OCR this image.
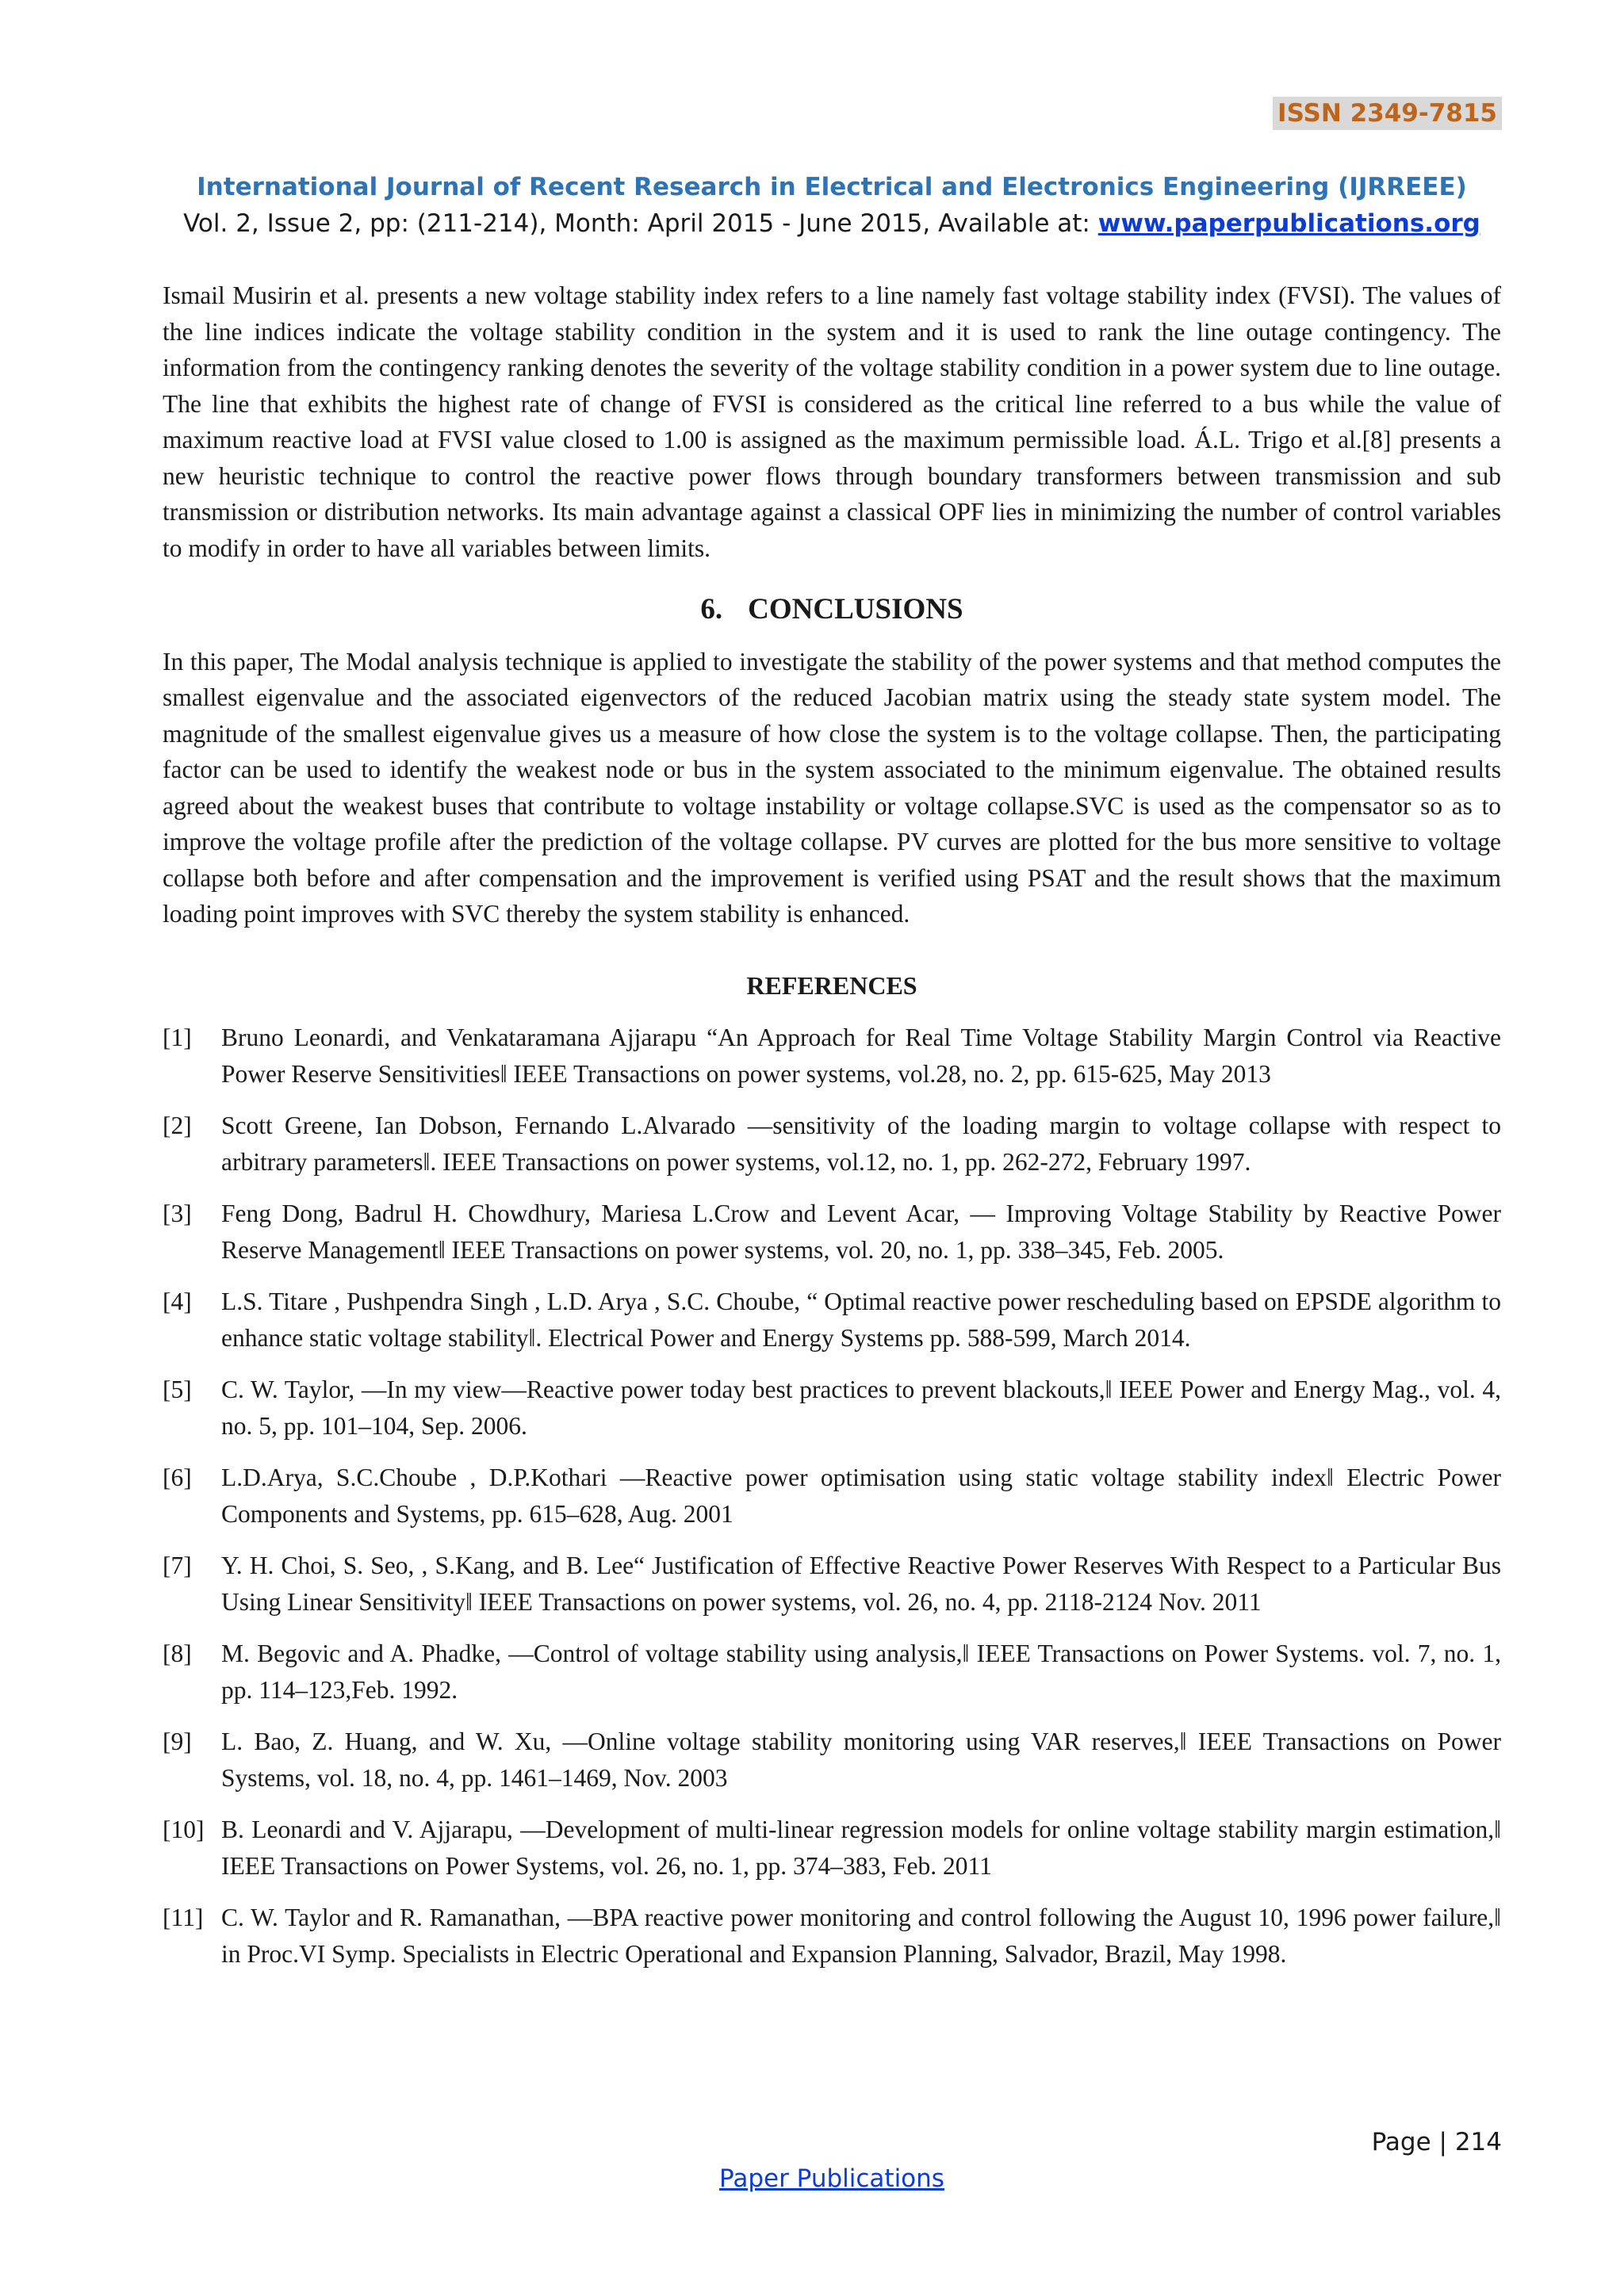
ISSN 2349-7815
International Journal of Recent Research in Electrical and Electronics Engineering (IJRREEE)
Vol. 2, Issue 2, pp: (211-214), Month: April 2015 - June 2015, Available at: www.paperpublications.org

Ismail Musirin et al. presents a new voltage stability index refers to a line namely fast voltage stability index (FVSI). The values of the line indices indicate the voltage stability condition in the system and it is used to rank the line outage contingency. The information from the contingency ranking denotes the severity of the voltage stability condition in a power system due to line outage. The line that exhibits the highest rate of change of FVSI is considered as the critical line referred to a bus while the value of maximum reactive load at FVSI value closed to 1.00 is assigned as the maximum permissible load. Á.L. Trigo et al.[8] presents a new heuristic technique to control the reactive power flows through boundary transformers between transmission and sub transmission or distribution networks. Its main advantage against a classical OPF lies in minimizing the number of control variables to modify in order to have all variables between limits.

6. CONCLUSIONS

In this paper, The Modal analysis technique is applied to investigate the stability of the power systems and that method computes the smallest eigenvalue and the associated eigenvectors of the reduced Jacobian matrix using the steady state system model. The magnitude of the smallest eigenvalue gives us a measure of how close the system is to the voltage collapse. Then, the participating factor can be used to identify the weakest node or bus in the system associated to the minimum eigenvalue. The obtained results agreed about the weakest buses that contribute to voltage instability or voltage collapse.SVC is used as the compensator so as to improve the voltage profile after the prediction of the voltage collapse. PV curves are plotted for the bus more sensitive to voltage collapse both before and after compensation and the improvement is verified using PSAT and the result shows that the maximum loading point improves with SVC thereby the system stability is enhanced.

REFERENCES
[1]	Bruno Leonardi, and Venkataramana Ajjarapu “An Approach for Real Time Voltage Stability Margin Control via Reactive Power Reserve Sensitivities‖ IEEE Transactions on power systems, vol.28, no. 2, pp. 615-625, May 2013
[2]	Scott Greene, Ian Dobson, Fernando L.Alvarado ―sensitivity of the loading margin to voltage collapse with respect to arbitrary parameters‖. IEEE Transactions on power systems, vol.12, no. 1, pp. 262-272, February 1997.
[3]	Feng Dong, Badrul H. Chowdhury, Mariesa L.Crow and Levent Acar, ― Improving Voltage Stability by Reactive Power Reserve Management‖ IEEE Transactions on power systems, vol. 20, no. 1, pp. 338–345, Feb. 2005.
[4]	L.S. Titare , Pushpendra Singh , L.D. Arya , S.C. Choube, “ Optimal reactive power rescheduling based on EPSDE algorithm to enhance static voltage stability‖. Electrical Power and Energy Systems pp. 588-599, March 2014.
[5]	C. W. Taylor, ―In my view—Reactive power today best practices to prevent blackouts,‖ IEEE Power and Energy Mag., vol. 4, no. 5, pp. 101–104, Sep. 2006.
[6]	L.D.Arya, S.C.Choube , D.P.Kothari ―Reactive power optimisation using static voltage stability index‖ Electric Power Components and Systems, pp. 615–628, Aug. 2001
[7]	Y. H. Choi, S. Seo, , S.Kang, and B. Lee“ Justification of Effective Reactive Power Reserves With Respect to a Particular Bus Using Linear Sensitivity‖ IEEE Transactions on power systems, vol. 26, no. 4, pp. 2118-2124 Nov. 2011
[8]	M. Begovic and A. Phadke, ―Control of voltage stability using analysis,‖ IEEE Transactions on Power Systems. vol. 7, no. 1, pp. 114–123,Feb. 1992.
[9]	L. Bao, Z. Huang, and W. Xu, ―Online voltage stability monitoring using VAR reserves,‖ IEEE Transactions on Power Systems, vol. 18, no. 4, pp. 1461–1469, Nov. 2003
[10] B. Leonardi and V. Ajjarapu, ―Development of multi-linear regression models for online voltage stability margin estimation,‖ IEEE Transactions on Power Systems, vol. 26, no. 1, pp. 374–383, Feb. 2011
[11] C. W. Taylor and R. Ramanathan, ―BPA reactive power monitoring and control following the August 10, 1996 power failure,‖ in Proc.VI Symp. Specialists in Electric Operational and Expansion Planning, Salvador, Brazil, May 1998.
Page | 214
Paper Publications
